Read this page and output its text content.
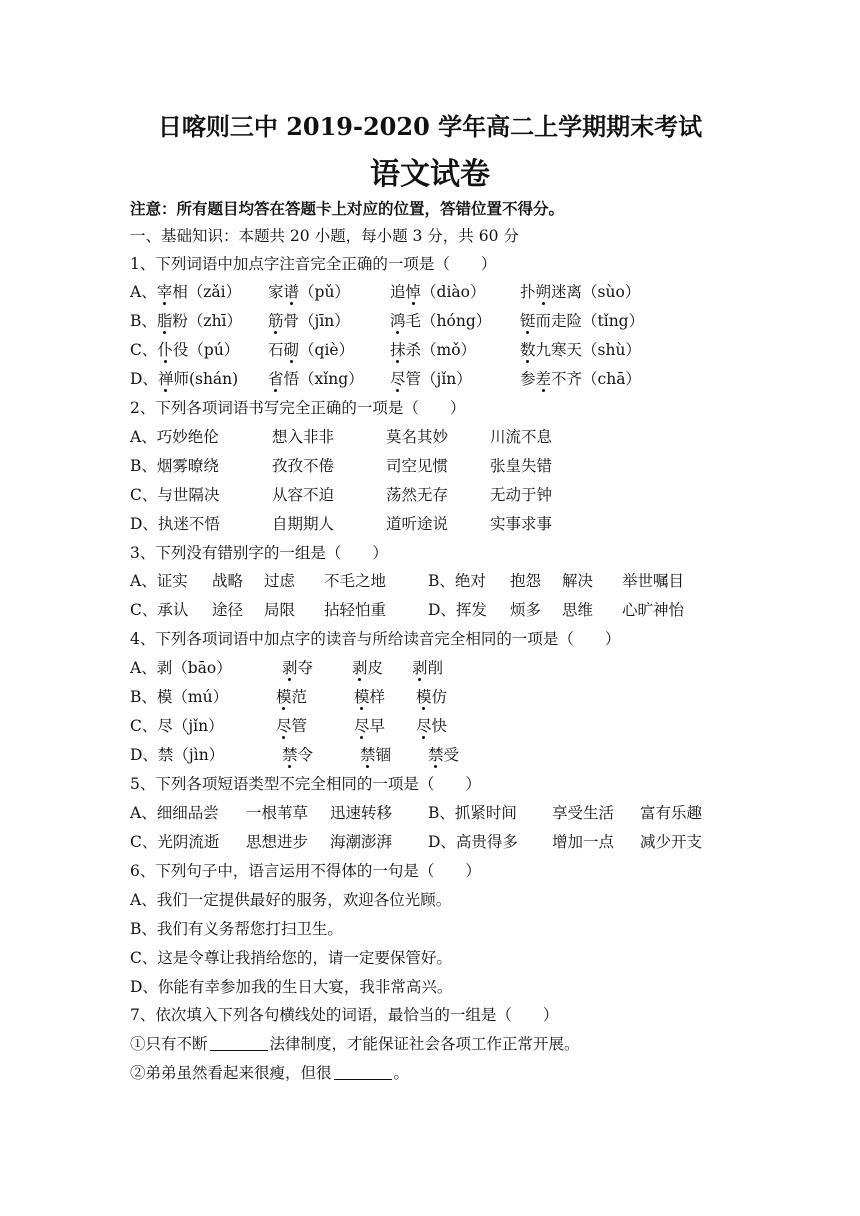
日喀则三中 2019-2020 学年高二上学期期末考试
语文试卷
注意：所有题目均答在答题卡上对应的位置，答错位置不得分。
一、基础知识：本题共 20 小题，每小题 3 分，共 60 分
1、下列词语中加点字注音完全正确的一项是（　　）
A、宰相（zǎi） 家谱（pǔ）	追悼（diào） 扑朔迷离（sùo）
B、脂粉（zhī） 筋骨（jīn）	鸿毛（hóng） 铤而走险（tǐng）
C、仆役（pú） 石砌（qiè） 抹杀（mǒ）	数九寒天（shù）
D、禅师(shán) 省悟（xǐng） 尽管（jǐn）	参差不齐（chā）
2、下列各项词语书写完全正确的一项是（　　）
A、巧妙绝伦	想入非非	莫名其妙	川流不息
B、烟雾暸绕	孜孜不倦	司空见惯	张皇失错
C、与世隔决	从容不迫	荡然无存	无动于钟
D、执迷不悟	自期期人	道听途说	实事求事
3、下列没有错别字的一组是（　　）
A、证实 战略 过虑 不毛之地	B、绝对 抱怨 解决 举世嘱目
C、承认 途径 局限 拈轻怕重	D、挥发 烦多 思维 心旷神怡
4、下列各项词语中加点字的读音与所给读音完全相同的一项是（　　）
A、剥（bāo）	剥夺	剥皮 剥削
B、模（mú）	模范	模样 模仿
C、尽（jǐn）	尽管	尽早 尽快
D、禁（jìn）	禁令	禁锢 禁受
5、下列各项短语类型不完全相同的一项是（　　）
A、细细品尝 一根苇草 迅速转移 B、抓紧时间 享受生活 富有乐趣
C、光阴流逝 思想进步 海潮澎湃 D、高贵得多 增加一点 减少开支
6、下列句子中，语言运用不得体的一句是（　　）
A、我们一定提供最好的服务，欢迎各位光顾。
B、我们有义务帮您打扫卫生。
C、这是令尊让我捎给您的，请一定要保管好。
D、你能有幸参加我的生日大宴，我非常高兴。
7、依次填入下列各句横线处的词语，最恰当的一组是（　　）
①只有不断	法律制度，才能保证社会各项工作正常开展。
②弟弟虽然看起来很瘦，但很	。
